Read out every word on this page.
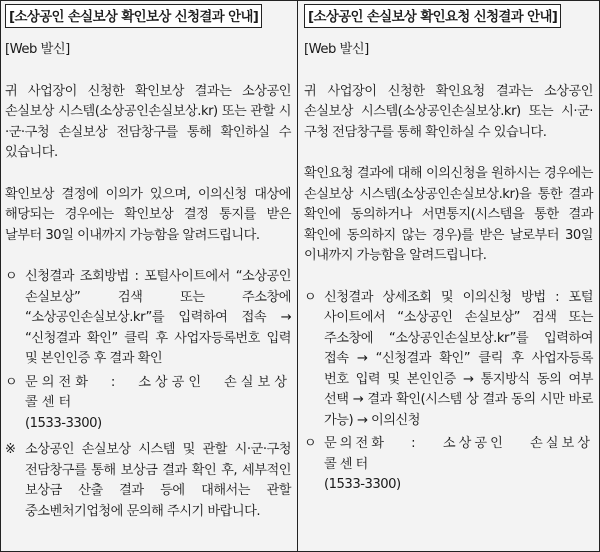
[소상공인 손실보상 확인보상 신청결과 안내]
[Web 발신]

귀 사업장이 신청한 확인보상 결과는 소상공인 손실보상 시스템(소상공인손실보상.kr) 또는 관할 시·군·구청 손실보상 전담창구를 통해 확인하실 수 있습니다.

확인보상 결정에 이의가 있으며, 이의신청 대상에 해당되는 경우에는 확인보상 결정 통지를 받은 날부터 30일 이내까지 가능함을 알려드립니다.

ㅇ 신청결과 조회방법 : 포털사이트에서 “소상공인 손실보상” 검색 또는 주소창에 “소상공인손실보상.kr”를 입력하여 접속 → “신청결과 확인” 클릭 후 사업자등록번호 입력 및 본인인증 후 결과 확인
ㅇ 문의전화 : 소상공인 손실보상 콜센터
(1533-3300)
※ 소상공인 손실보상 시스템 및 관할 시·군·구청 전담창구를 통해 보상금 결과 확인 후, 세부적인 보상금 산출 결과 등에 대해서는 관할 중소벤처기업청에 문의해 주시기 바랍니다.
[소상공인 손실보상 확인요청 신청결과 안내]
[Web 발신]

귀 사업장이 신청한 확인요청 결과는 소상공인 손실보상 시스템(소상공인손실보상.kr) 또는 시·군·구청 전담창구를 통해 확인하실 수 있습니다.

확인요청 결과에 대해 이의신청을 원하시는 경우에는 손실보상 시스템(소상공인손실보상.kr)을 통한 결과 확인에 동의하거나 서면통지(시스템을 통한 결과 확인에 동의하지 않는 경우)를 받은 날로부터 30일 이내까지 가능함을 알려드립니다.

ㅇ 신청결과 상세조회 및 이의신청 방법 : 포털 사이트에서 “소상공인 손실보상” 검색 또는 주소창에 “소상공인손실보상.kr”를 입력하여 접속 → “신청결과 확인” 클릭 후 사업자등록 번호 입력 및 본인인증 → 통지방식 동의 여부 선택 → 결과 확인(시스템 상 결과 동의 시만 바로 가능) → 이의신청
ㅇ 문의전화 : 소상공인 손실보상 콜센터
(1533-3300)
